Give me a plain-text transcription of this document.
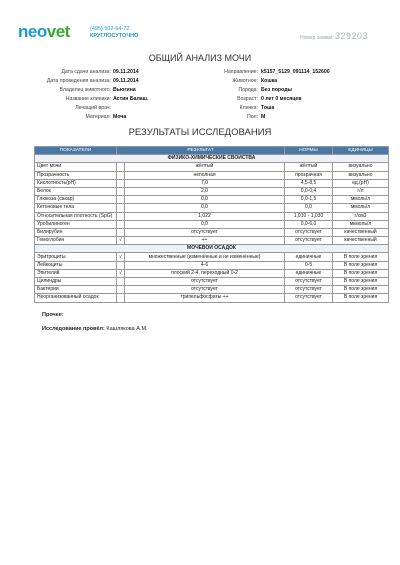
neovet	(495) 502-64-72
КРУГЛОСУТОЧНО	Номер заявки: 329203
ОБЩИЙ АНАЛИЗ МОЧИ
Дата сдачи анализа: 09.11.2014
Дата проведения анализа: 09.11.2014
Владелец животного: Вьюгина
Название клиники: Астин Балаш.
Лечащий врач:
Материал: Моча
Направление: k5157_5129_091114_152600
Животное: Кошка
Порода: Без породы
Возраст: 0 лет 0 месяцев
Кличка: Тоша
Пол: М
РЕЗУЛЬТАТЫ ИССЛЕДОВАНИЯ
ПОКАЗАТЕЛИ	РЕЗУЛЬТАТ		НОРМЫ	ЕДИНИЦЫ
ФИЗИКО-ХИМИЧЕСКИЕ СВОЙСТВА				
Цвет мочи		жёлтый	жёлтый	визуально
Прозрачность		неполная	прозрачная	визуально
Кислотность(pH)		7,0	4,5-8,5	ед.(pH)
Белок		2,0	0,0-0,4	г/л
Глюкоза (сахар)		0,0	0,0-1,5	ммоль/л
Кетоновые тела		0,0	0,0	ммоль/л
Относительная плотность (SpG)		1,022	1,010 - 1,030	г/см3
Уробилиноген		0,0	0,0-6,0	мкмоль/л
Билирубин		отсутствует	отсутствует	качественный
Гемоглобин	√	++	отсутствует	качественный
МОЧЕВОЙ ОСАДОК				
Эритроциты	√	множественные (изменённые и не изменённые)	единичные	В поле зрения
Лейкоциты		4-6	0-5	В поле зрения
Эпителий	√	плоский 2-4, переходный 0-2	единичные	В поле зрения
Цилиндры		отсутствует	отсутствует	В поле зрения
Бактерии		отсутствует	отсутствует	В поле зрения
Неорганизованный осадок		трипельфосфаты ++	отсутствует	В поле зрения
Прочее:
Исследование провёл: Кашлякова А.М.
